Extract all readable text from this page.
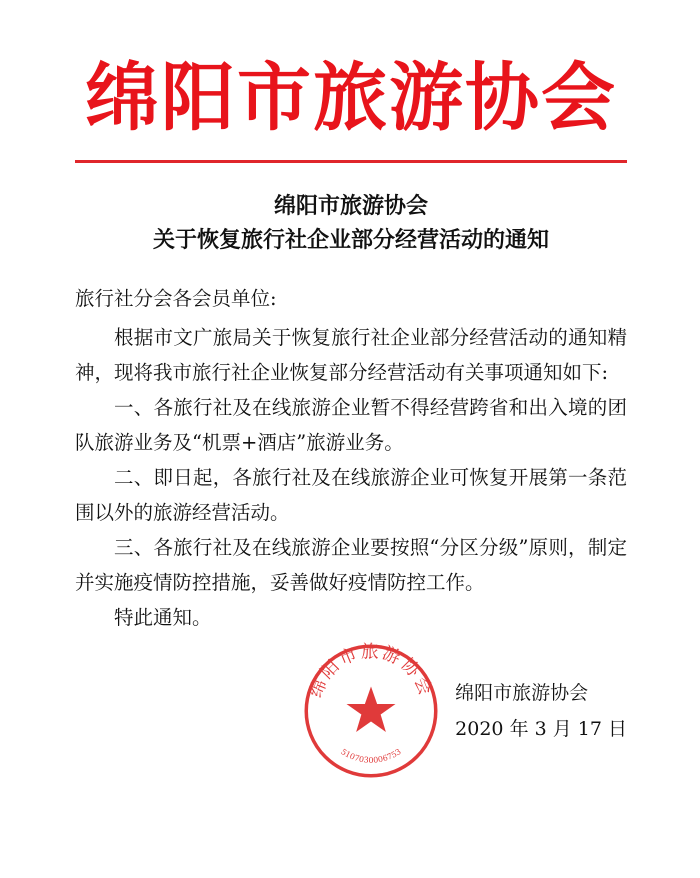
绵阳市旅游协会
绵阳市旅游协会
关于恢复旅行社企业部分经营活动的通知

旅行社分会各会员单位:

根据市文广旅局关于恢复旅行社企业部分经营活动的通知精神，现将我市旅行社企业恢复部分经营活动有关事项通知如下:

一、各旅行社及在线旅游企业暂不得经营跨省和出入境的团队旅游业务及“机票+酒店”旅游业务。

二、即日起，各旅行社及在线旅游企业可恢复开展第一条范围以外的旅游经营活动。

三、各旅行社及在线旅游企业要按照“分区分级”原则，制定并实施疫情防控措施，妥善做好疫情防控工作。

特此通知。

绵阳市旅游协会
5107030006753
绵阳市旅游协会
2020 年 3 月 17 日
